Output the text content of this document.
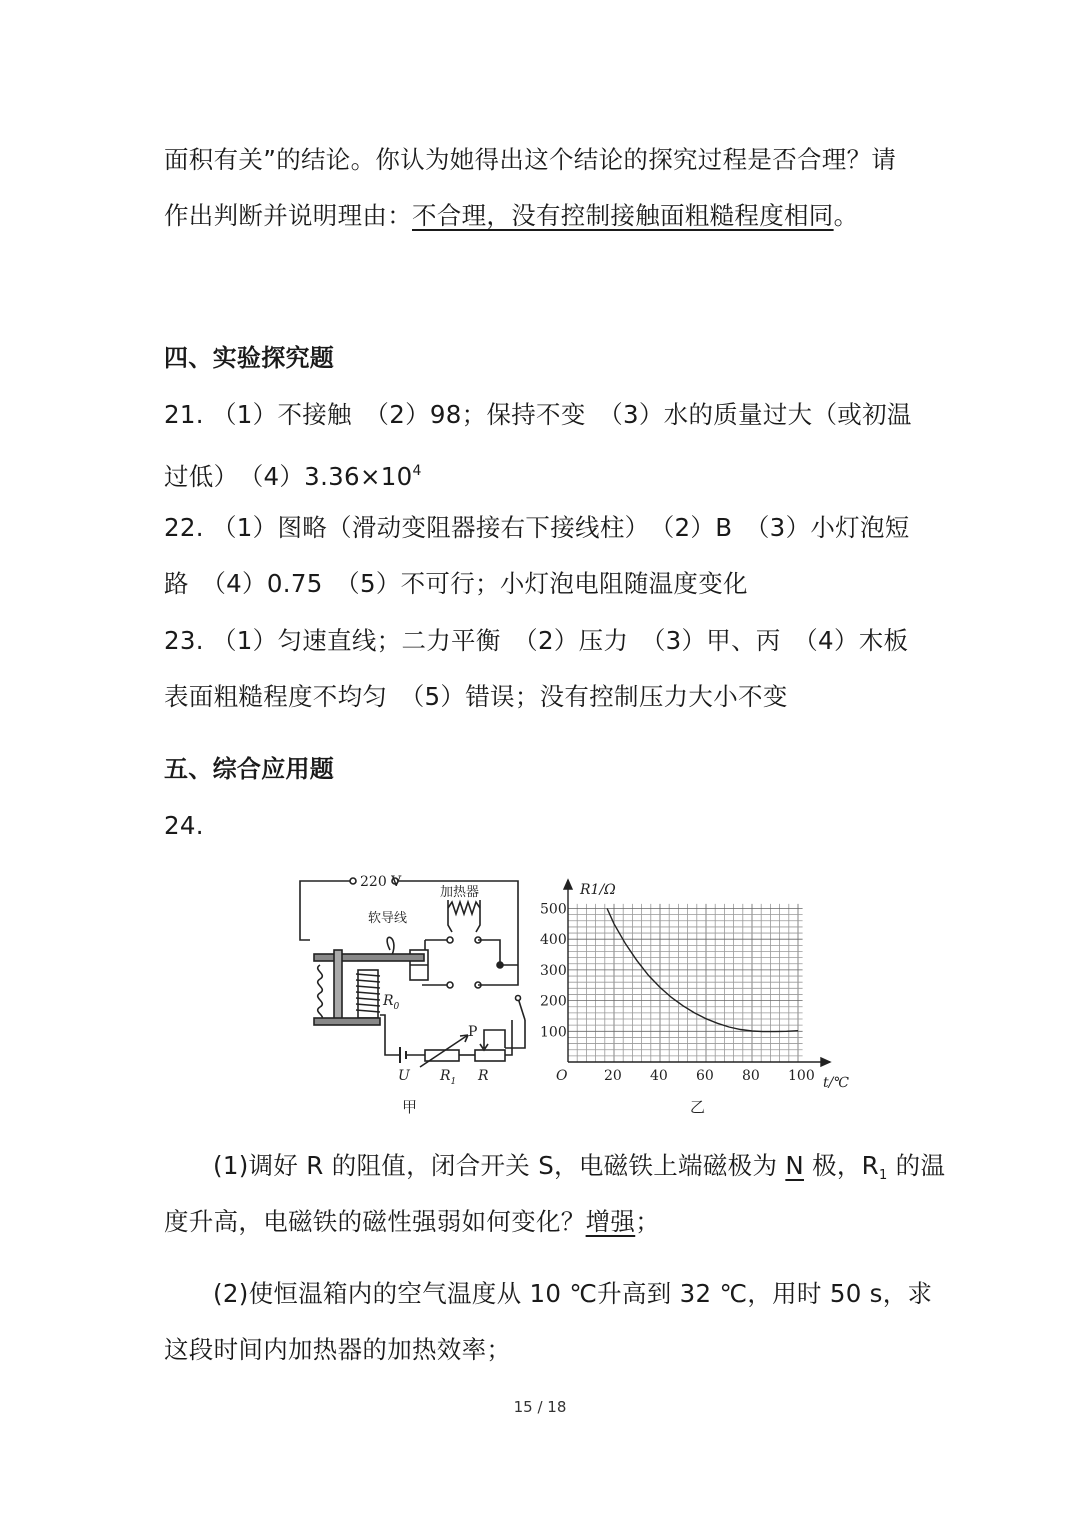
面积有关”的结论。你认为她得出这个结论的探究过程是否合理？请
作出判断并说明理由：不合理，没有控制接触面粗糙程度相同。
四、实验探究题
21. （1）不接触　（2）98；保持不变　（3）水的质量过大（或初温
过低）　$(4)3.36\times 10^4$
22. （1）图略（滑动变阻器接右下接线柱）　（2）B　（3）小灯泡短
路　（4）0.75　（5）不可行；小灯泡电阻随温度变化
23. （1）匀速直线；二力平衡　（2）压力　（3）甲、丙　（4）木板
表面粗糙程度不均匀　（5）错误；没有控制压力大小不变
五、综合应用题
24.
220 V
加热器
软导线
$R_0$
U $R_1$ R
P
甲
O	20 40 60 80 100
100
200
300
400
500
R1/Ω
t/℃
乙
(1)调好 R 的阻值，闭合开关 S，电磁铁上端磁极为 N 极，$R_1$ 的温
度升高，电磁铁的磁性强弱如何变化？增强；
(2)使恒温箱内的空气温度从 10 ℃升高到 32 ℃，用时 50 s，求
这段时间内加热器的加热效率；
15 / 18
